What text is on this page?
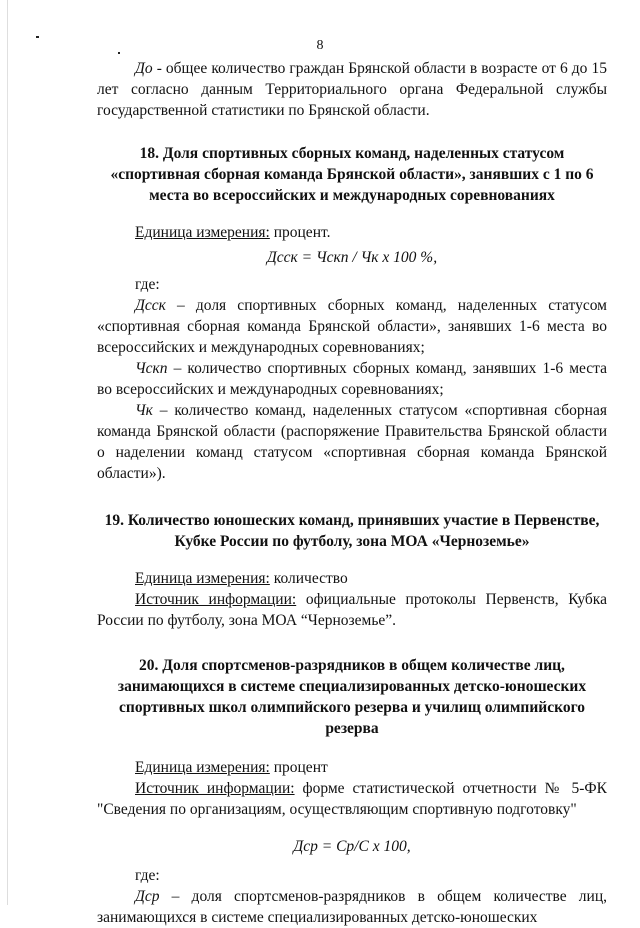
8

Дo - общее количество граждан Брянской области в возрасте от 6 до 15 лет согласно данным Территориального органа Федеральной службы государственной статистики по Брянской области.

18. Доля спортивных сборных команд, наделенных статусом «спортивная сборная команда Брянской области», занявших с 1 по 6 места во всероссийских и международных соревнованиях

Единица измерения: процент.

Дсск = Чскп / Чк х 100 %,

где:

Дсск – доля спортивных сборных команд, наделенных статусом «спортивная сборная команда Брянской области», занявших 1-6 места во всероссийских и международных соревнованиях;

Чскп – количество спортивных сборных команд, занявших 1-6 места во всероссийских и международных соревнованиях;

Чк – количество команд, наделенных статусом «спортивная сборная команда Брянской области (распоряжение Правительства Брянской области о наделении команд статусом «спортивная сборная команда Брянской области»).

19. Количество юношеских команд, принявших участие в Первенстве, Кубке России по футболу, зона МОА «Черноземье»

Единица измерения: количество

Источник информации: официальные протоколы Первенств, Кубка России по футболу, зона МОА “Черноземье”.

20. Доля спортсменов-разрядников в общем количестве лиц, занимающихся в системе специализированных детско-юношеских спортивных школ олимпийского резерва и училищ олимпийского резерва

Единица измерения: процент

Источник информации: форме статистической отчетности № 5-ФК "Сведения по организациям, осуществляющим спортивную подготовку"

Дср = Ср/С х 100,

где:

Дср – доля спортсменов-разрядников в общем количестве лиц, занимающихся в системе специализированных детско-юношеских
